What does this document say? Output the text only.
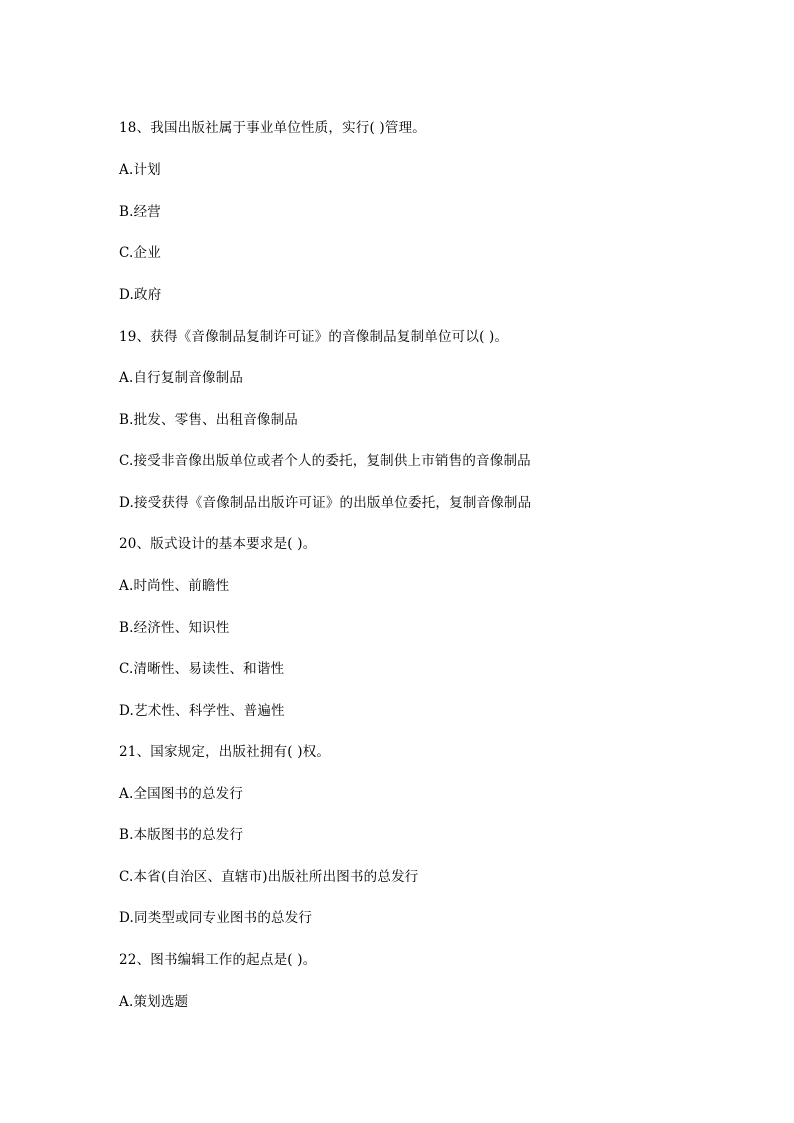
18、我国出版社属于事业单位性质，实行( )管理。
A.计划
B.经营
C.企业
D.政府
19、获得《音像制品复制许可证》的音像制品复制单位可以( )。
A.自行复制音像制品
B.批发、零售、出租音像制品
C.接受非音像出版单位或者个人的委托，复制供上市销售的音像制品
D.接受获得《音像制品出版许可证》的出版单位委托，复制音像制品
20、版式设计的基本要求是( )。
A.时尚性、前瞻性
B.经济性、知识性
C.清晰性、易读性、和谐性
D.艺术性、科学性、普遍性
21、国家规定，出版社拥有( )权。
A.全国图书的总发行
B.本版图书的总发行
C.本省(自治区、直辖市)出版社所出图书的总发行
D.同类型或同专业图书的总发行
22、图书编辑工作的起点是( )。
A.策划选题
